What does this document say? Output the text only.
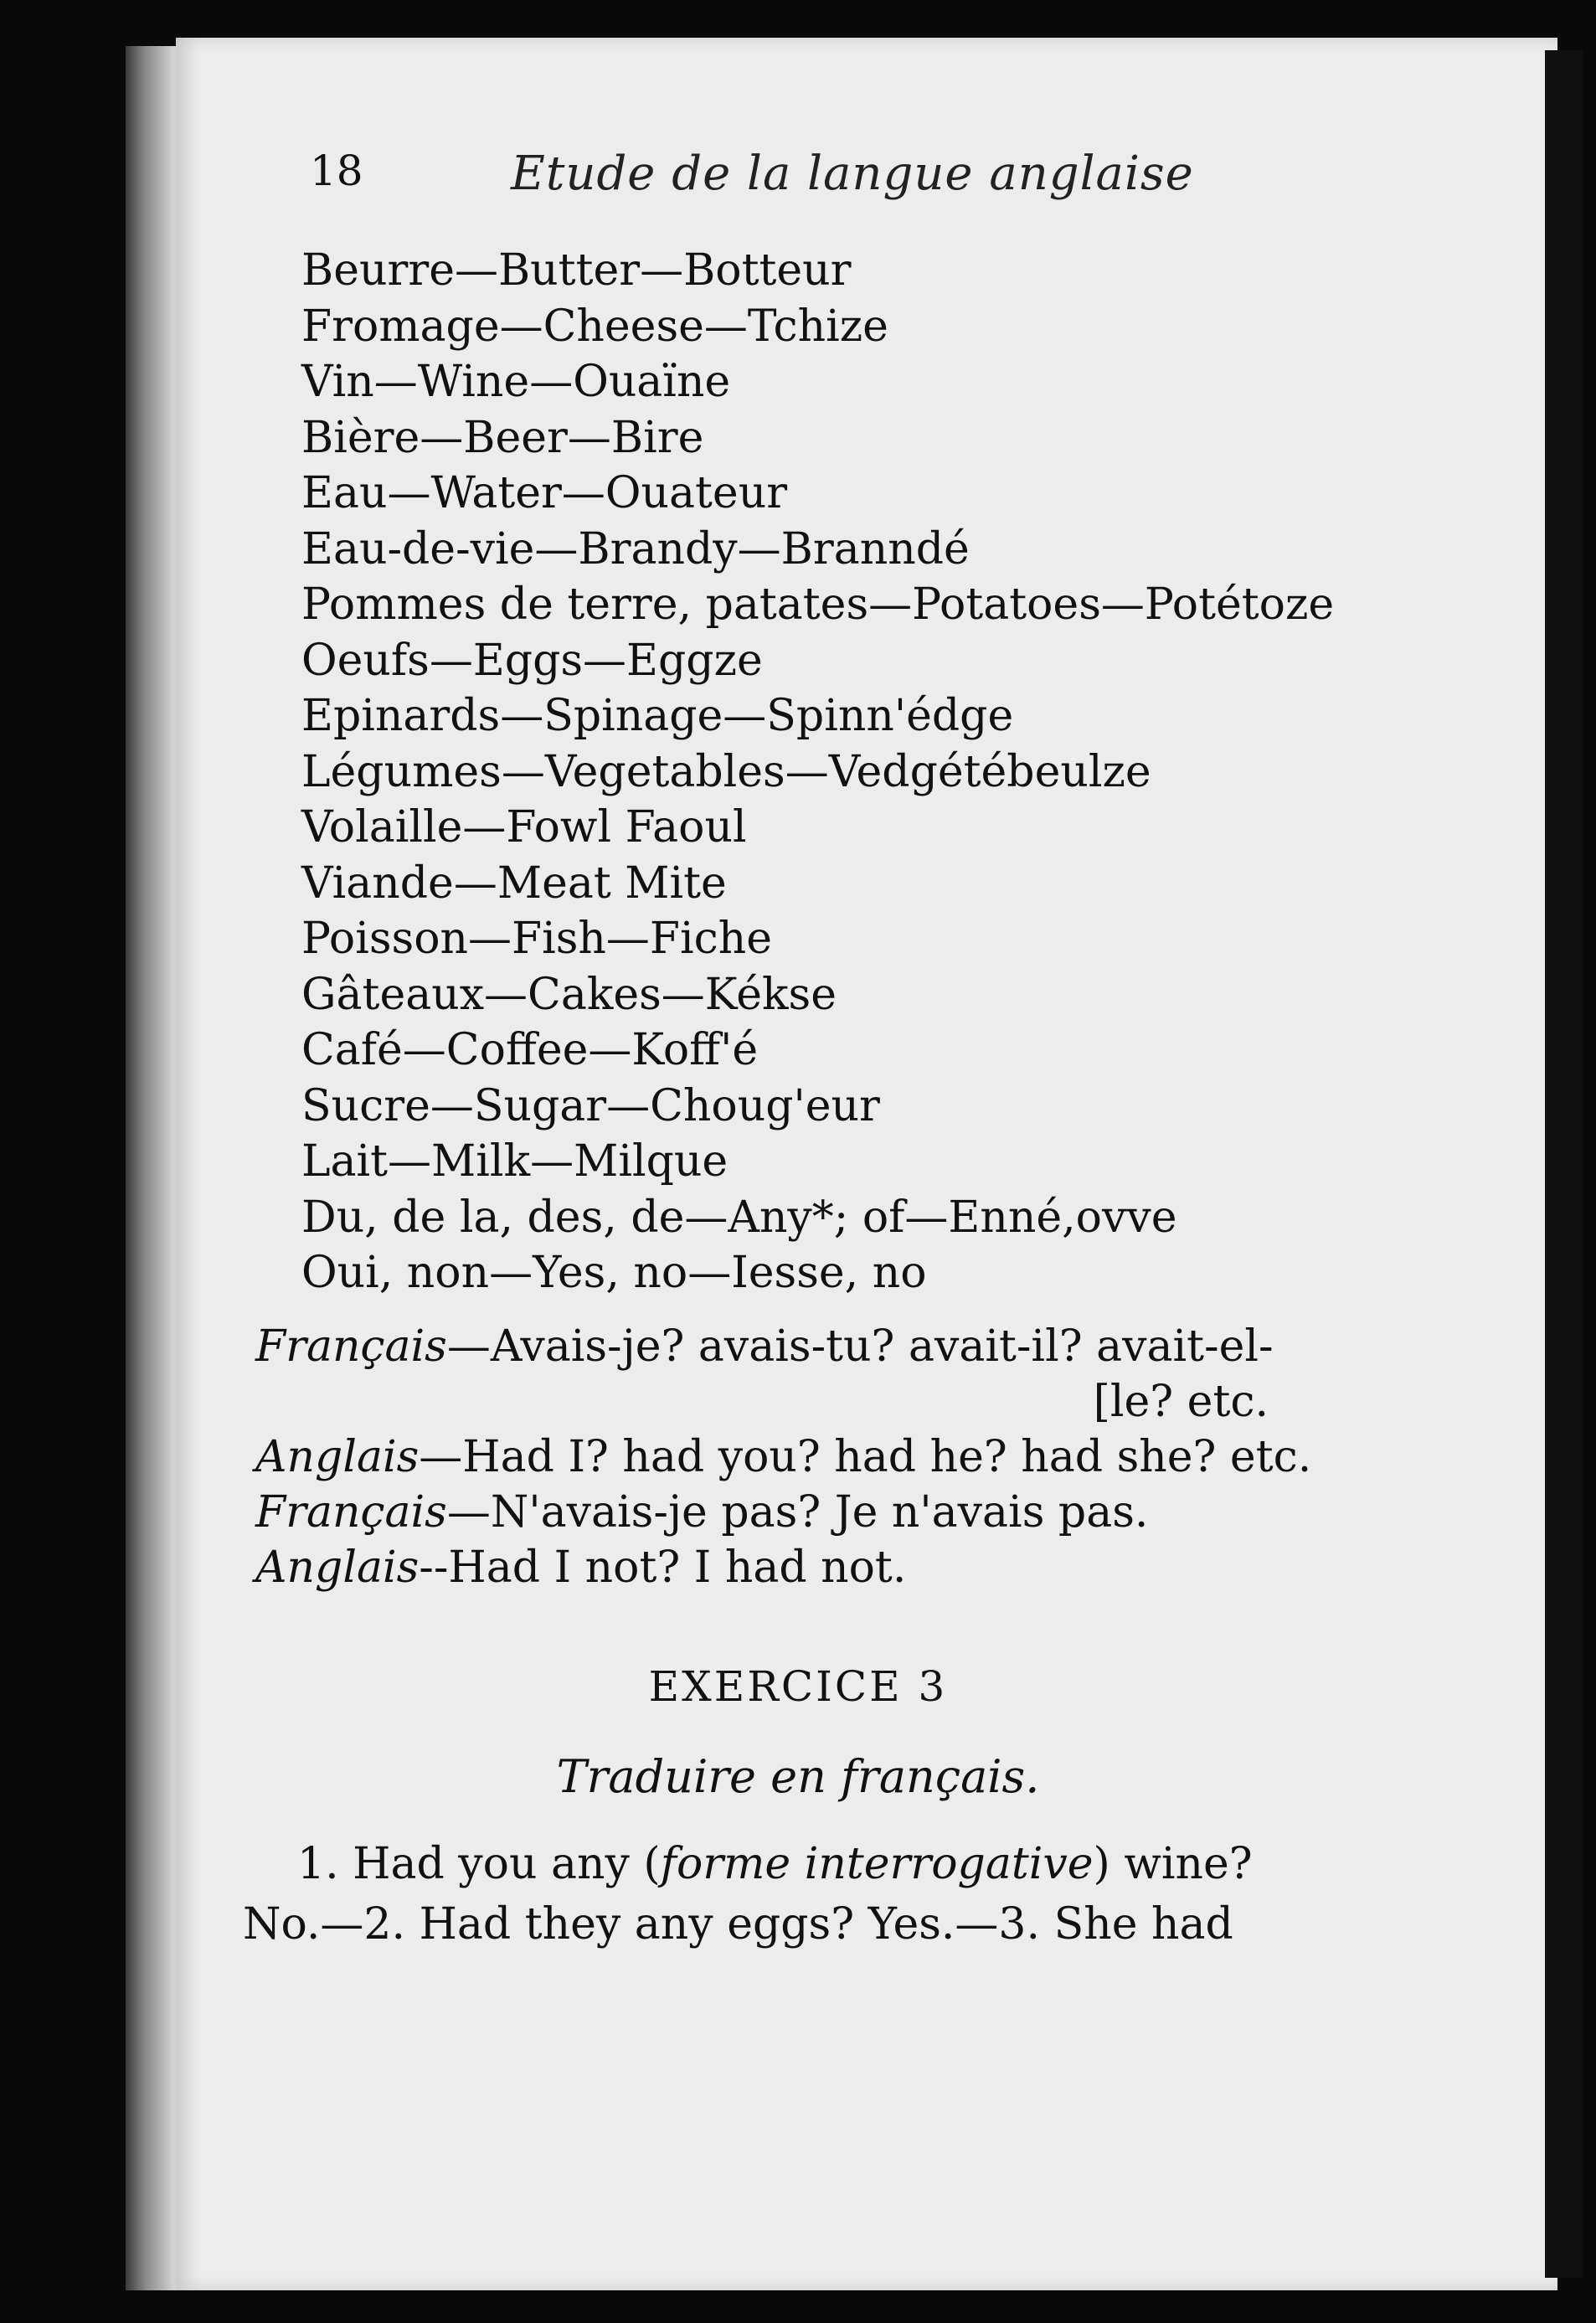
18	Etude de la langue anglaise
Beurre—Butter—Botteur
Fromage—Cheese—Tchize
Vin—Wine—Ouaïne
Bière—Beer—Bire
Eau—Water—Ouateur
Eau-de-vie—Brandy—Branndé
Pommes de terre, patates—Potatoes—Potétoze
Oeufs—Eggs—Eggze
Epinards—Spinage—Spinn'édge
Légumes—Vegetables—Vedgétébeulze
Volaille—Fowl Faoul
Viande—Meat Mite
Poisson—Fish—Fiche
Gâteaux—Cakes—Kékse
Café—Coffee—Koff'é
Sucre—Sugar—Choug'eur
Lait—Milk—Milque
Du, de la, des, de—Any*; of—Enné,ovve
Oui, non—Yes, no—Iesse, no
Français—Avais-je? avais-tu? avait-il? avait-el-
[le? etc.
Anglais—Had I? had you? had he? had she? etc.
Français—N'avais-je pas? Je n'avais pas.
Anglais--Had I not? I had not.
EXERCICE 3
Traduire en français.
1. Had you any (forme interrogative) wine?
No.—2. Had they any eggs? Yes.—3. She had
